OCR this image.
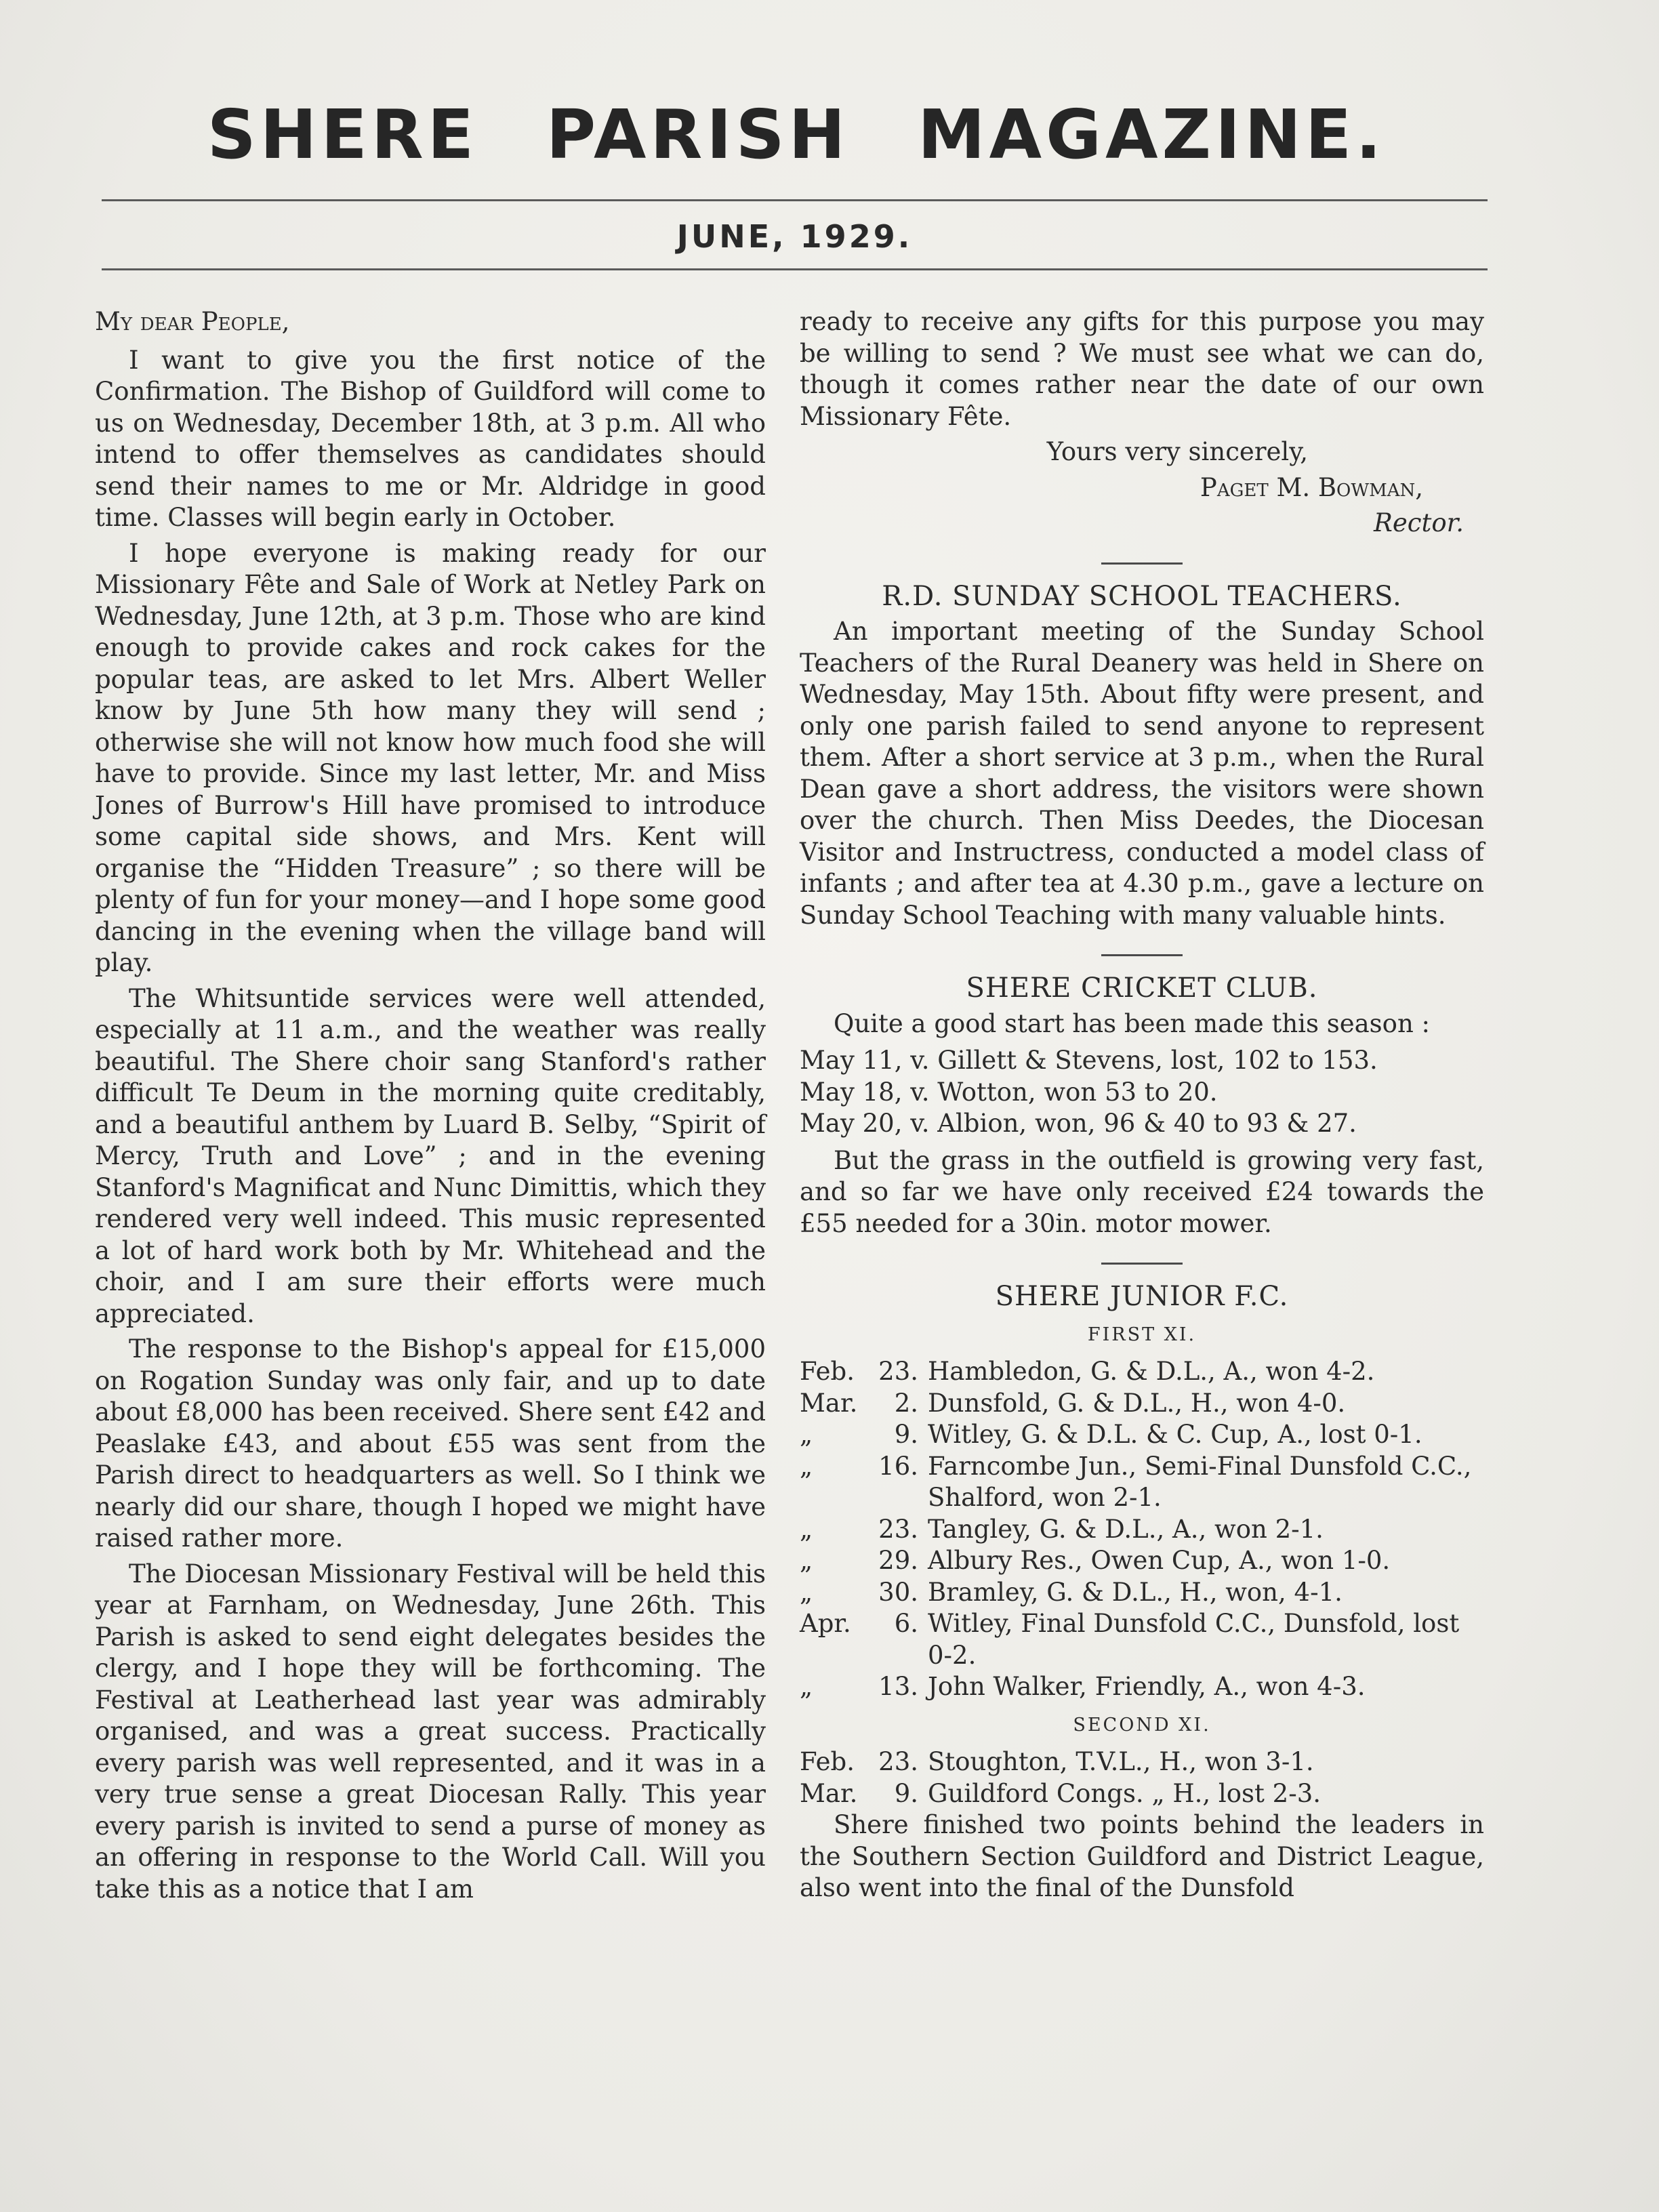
SHERE PARISH MAGAZINE.
JUNE, 1929.

My dear People,

I want to give you the first notice of the Confirmation. The Bishop of Guildford will come to us on Wednesday, December 18th, at 3 p.m. All who intend to offer themselves as candidates should send their names to me or Mr. Aldridge in good time. Classes will begin early in October.

I hope everyone is making ready for our Missionary Fête and Sale of Work at Netley Park on Wednesday, June 12th, at 3 p.m. Those who are kind enough to provide cakes and rock cakes for the popular teas, are asked to let Mrs. Albert Weller know by June 5th how many they will send ; otherwise she will not know how much food she will have to provide. Since my last letter, Mr. and Miss Jones of Burrow's Hill have promised to introduce some capital side shows, and Mrs. Kent will organise the “Hidden Treasure” ; so there will be plenty of fun for your money—and I hope some good dancing in the evening when the village band will play.

The Whitsuntide services were well attended, especially at 11 a.m., and the weather was really beautiful. The Shere choir sang Stanford's rather difficult Te Deum in the morning quite creditably, and a beautiful anthem by Luard B. Selby, “Spirit of Mercy, Truth and Love” ; and in the evening Stanford's Magnificat and Nunc Dimittis, which they rendered very well indeed. This music represented a lot of hard work both by Mr. Whitehead and the choir, and I am sure their efforts were much appreciated.

The response to the Bishop's appeal for £15,000 on Rogation Sunday was only fair, and up to date about £8,000 has been received. Shere sent £42 and Peaslake £43, and about £55 was sent from the Parish direct to headquarters as well. So I think we nearly did our share, though I hoped we might have raised rather more.

The Diocesan Missionary Festival will be held this year at Farnham, on Wednesday, June 26th. This Parish is asked to send eight delegates besides the clergy, and I hope they will be forthcoming. The Festival at Leatherhead last year was admirably organised, and was a great success. Practically every parish was well represented, and it was in a very true sense a great Diocesan Rally. This year every parish is invited to send a purse of money as an offering in response to the World Call. Will you take this as a notice that I am

ready to receive any gifts for this purpose you may be willing to send ? We must see what we can do, though it comes rather near the date of our own Missionary Fête.

Yours very sincerely,

Paget M. Bowman,

Rector.

R.D. SUNDAY SCHOOL TEACHERS.

An important meeting of the Sunday School Teachers of the Rural Deanery was held in Shere on Wednesday, May 15th. About fifty were present, and only one parish failed to send anyone to represent them. After a short service at 3 p.m., when the Rural Dean gave a short address, the visitors were shown over the church. Then Miss Deedes, the Diocesan Visitor and Instructress, conducted a model class of infants ; and after tea at 4.30 p.m., gave a lecture on Sunday School Teaching with many valuable hints.

SHERE CRICKET CLUB.

Quite a good start has been made this season :

May 11, v. Gillett & Stevens, lost, 102 to 153.
May 18, v. Wotton, won 53 to 20.
May 20, v. Albion, won, 96 & 40 to 93 & 27.

But the grass in the outfield is growing very fast, and so far we have only received £24 towards the £55 needed for a 30in. motor mower.

SHERE JUNIOR F.C.
FIRST XI.
Feb. 23. Hambledon, G. & D.L., A., won 4-2.
Mar.	2. Dunsfold, G. & D.L., H., won 4-0.
„	9. Witley, G. & D.L. & C. Cup, A., lost 0-1.
„	16. Farncombe Jun., Semi-Final Dunsfold C.C., Shalford, won 2-1.
„	23. Tangley, G. & D.L., A., won 2-1.
„	29. Albury Res., Owen Cup, A., won 1-0.
„	30. Bramley, G. & D.L., H., won, 4-1.
Apr.	6. Witley, Final Dunsfold C.C., Dunsfold, lost 0-2.
„	13. John Walker, Friendly, A., won 4-3.
SECOND XI.
Feb. 23. Stoughton, T.V.L., H., won 3-1.
Mar.	9. Guildford Congs. „ H., lost 2-3.

Shere finished two points behind the leaders in the Southern Section Guildford and District League, also went into the final of the Dunsfold
